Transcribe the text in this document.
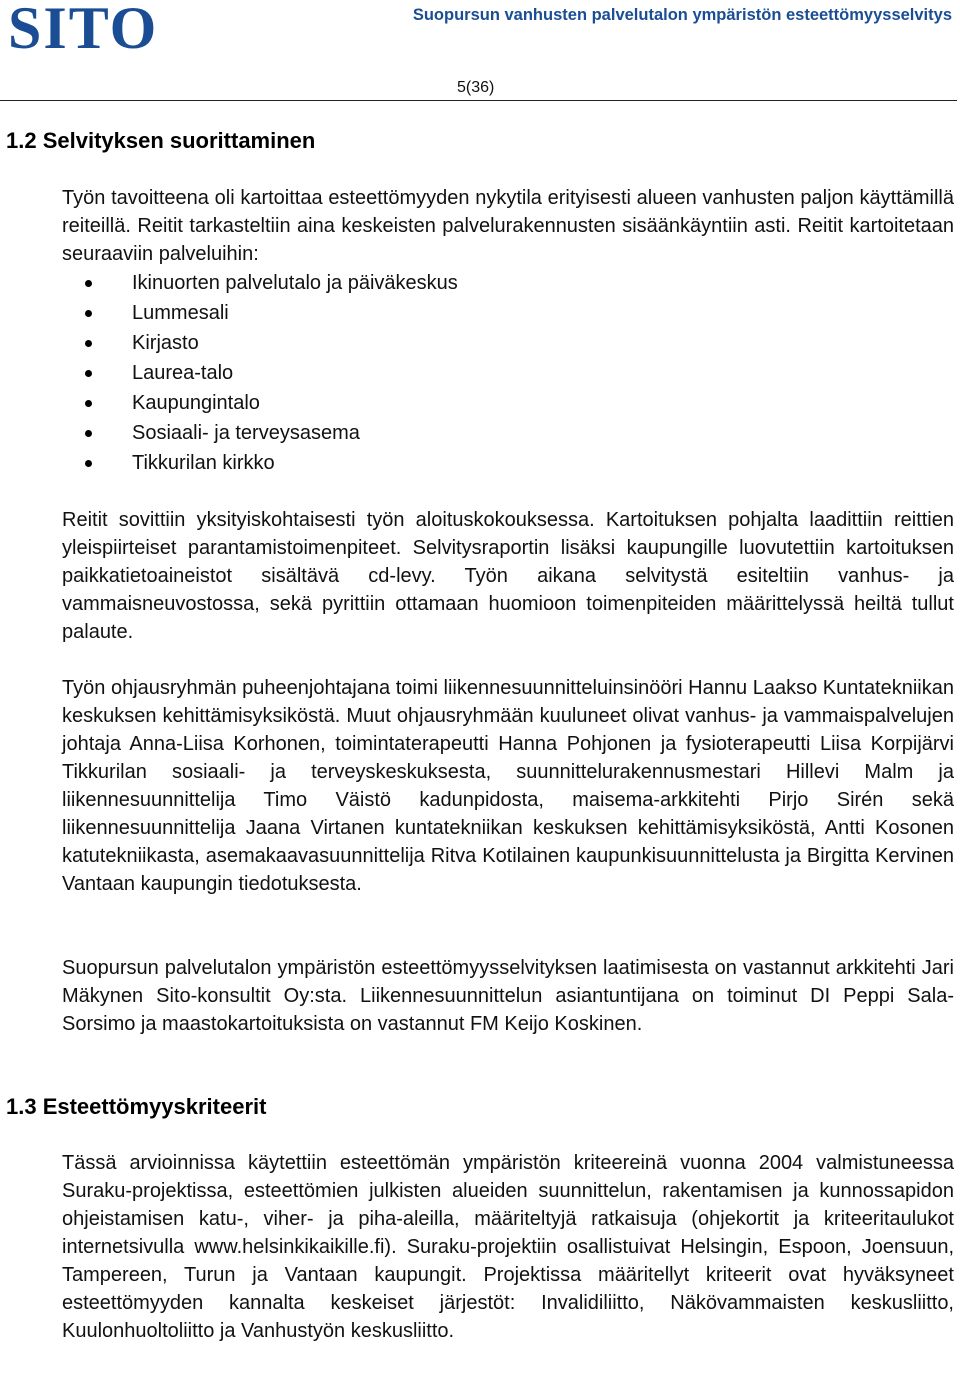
SITO	Suopursun vanhusten palvelutalon ympäristön esteettömyysselvitys
5(36)
1.2 Selvityksen suorittaminen

Työn tavoitteena oli kartoittaa esteettömyyden nykytila erityisesti alueen vanhusten paljon käyttämillä reiteillä. Reitit tarkasteltiin aina keskeisten palvelurakennusten sisäänkäyntiin asti. Reitit kartoitetaan seuraaviin palveluihin:

Ikinuorten palvelutalo ja päiväkeskus
Lummesali
Kirjasto
Laurea-talo
Kaupungintalo
Sosiaali- ja terveysasema
Tikkurilan kirkko

Reitit sovittiin yksityiskohtaisesti työn aloituskokouksessa. Kartoituksen pohjalta laadittiin reittien yleispiirteiset parantamistoimenpiteet. Selvitysraportin lisäksi kaupungille luovutettiin kartoituksen paikkatietoaineistot sisältävä cd-levy. Työn aikana selvitystä esiteltiin vanhus- ja vammaisneuvostossa, sekä pyrittiin ottamaan huomioon toimenpiteiden määrittelyssä heiltä tullut palaute.

Työn ohjausryhmän puheenjohtajana toimi liikennesuunnitteluinsinööri Hannu Laakso Kuntatekniikan keskuksen kehittämisyksiköstä. Muut ohjausryhmään kuuluneet olivat vanhus- ja vammaispalvelujen johtaja Anna-Liisa Korhonen, toimintaterapeutti Hanna Pohjonen ja fysioterapeutti Liisa Korpijärvi Tikkurilan sosiaali- ja terveyskeskuksesta, suunnittelurakennusmestari Hillevi Malm ja liikennesuunnittelija Timo Väistö kadunpidosta, maisema-arkkitehti Pirjo Sirén sekä liikennesuunnittelija Jaana Virtanen kuntatekniikan keskuksen kehittämisyksiköstä, Antti Kosonen katutekniikasta, asemakaavasuunnittelija Ritva Kotilainen kaupunkisuunnittelusta ja Birgitta Kervinen Vantaan kaupungin tiedotuksesta.

Suopursun palvelutalon ympäristön esteettömyysselvityksen laatimisesta on vastannut arkkitehti Jari Mäkynen Sito-konsultit Oy:sta. Liikennesuunnittelun asiantuntijana on toiminut DI Peppi Sala-Sorsimo ja maastokartoituksista on vastannut FM Keijo Koskinen.

1.3 Esteettömyyskriteerit

Tässä arvioinnissa käytettiin esteettömän ympäristön kriteereinä vuonna 2004 valmistuneessa Suraku-projektissa, esteettömien julkisten alueiden suunnittelun, rakentamisen ja kunnossapidon ohjeistamisen katu-, viher- ja piha-aleilla, määriteltyjä ratkaisuja (ohjekortit ja kriteeritaulukot internetsivulla www.helsinkikaikille.fi). Suraku-projektiin osallistuivat Helsingin, Espoon, Joensuun, Tampereen, Turun ja Vantaan kaupungit. Projektissa määritellyt kriteerit ovat hyväksyneet esteettömyyden kannalta keskeiset järjestöt: Invalidiliitto, Näkövammaisten keskusliitto, Kuulonhuoltoliitto ja Vanhustyön keskusliitto.
